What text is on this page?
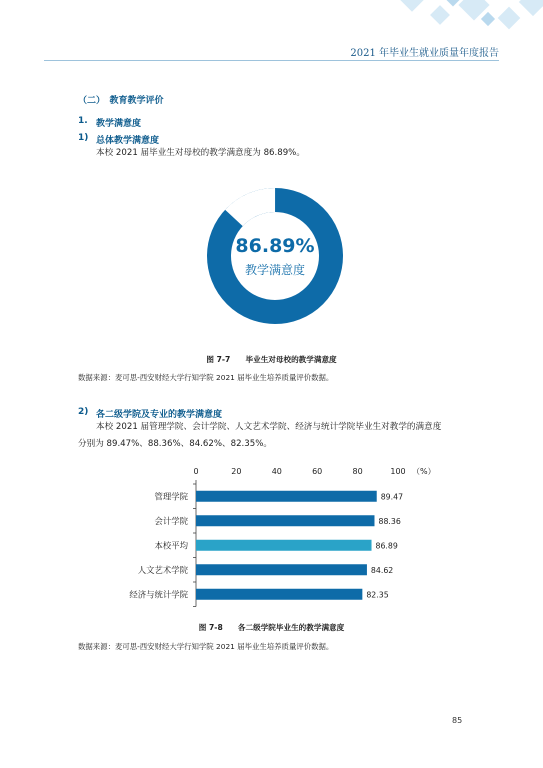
2021 年毕业生就业质量年度报告
（二）　教育教学评价
1. 教学满意度
1) 总体教学满意度
本校 2021 届毕业生对母校的教学满意度为 86.89%。
86.89%
教学满意度
图 7-7　　毕业生对母校的教学满意度
数据来源：麦可思-西安财经大学行知学院 2021 届毕业生培养质量评价数据。
2) 各二级学院及专业的教学满意度
本校 2021 届管理学院、会计学院、人文艺术学院、经济与统计学院毕业生对教学的满意度
分别为 89.47%、88.36%、84.62%、82.35%。
0	20	40	60	80	100 （%）
管理学院	89.47
会计学院	88.36
本校平均	86.89
人文艺术学院	84.62
经济与统计学院	82.35
图 7-8　　各二级学院毕业生的教学满意度
数据来源：麦可思-西安财经大学行知学院 2021 届毕业生培养质量评价数据。
85
